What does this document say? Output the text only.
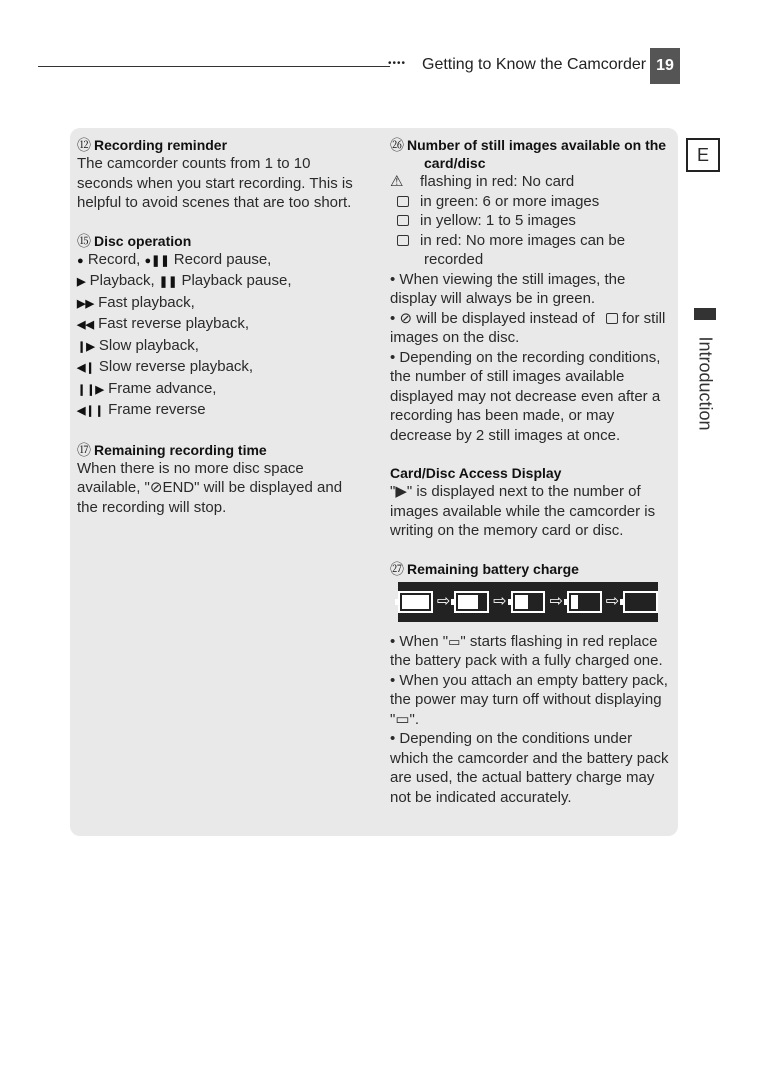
•••• Getting to Know the Camcorder 19
E
Introduction
⑫ Recording reminder

The camcorder counts from 1 to 10 seconds when you start recording. This is helpful to avoid scenes that are too short.

⑮ Disc operation

● Record, ●❚❚ Record pause,

▶ Playback, ❚❚ Playback pause,

▶▶ Fast playback,

◀◀ Fast reverse playback,

❙▶ Slow playback,

◀❙ Slow reverse playback,

❙❙▶ Frame advance,

◀❙❙ Frame reverse

⑰ Remaining recording time

When there is no more disc space available, "⊘END" will be displayed and the recording will stop.

㉖ Number of still images available on the
card/disc

⚠ flashing in red: No card

in green: 6 or more images

in yellow: 1 to 5 images

in red: No more images can be recorded

• When viewing the still images, the display will always be in green.

• ⊘ will be displayed instead of for still images on the disc.

• Depending on the recording conditions, the number of still images available displayed may not decrease even after a recording has been made, or may decrease by 2 still images at once.

Card/Disc Access Display

"▶" is displayed next to the number of images available while the camcorder is writing on the memory card or disc.

㉗ Remaining battery charge
⇨	⇨	⇨	⇨

• When "▭" starts flashing in red replace the battery pack with a fully charged one.

• When you attach an empty battery pack, the power may turn off without displaying "▭".

• Depending on the conditions under which the camcorder and the battery pack are used, the actual battery charge may not be indicated accurately.
